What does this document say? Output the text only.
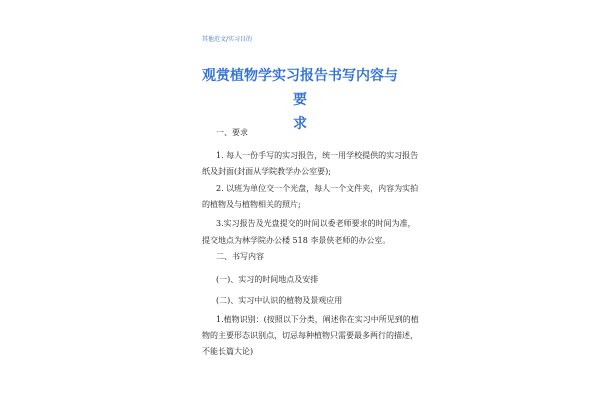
其他范文/实习目的
观赏植物学实习报告书写内容与要
求
一、要求
1. 每人一份手写的实习报告，统一用学校提供的实习报告
纸及封面(封面从学院教学办公室要);
2. 以班为单位交一个光盘，每人一个文件夹，内容为实拍
的植物及与植物相关的照片;
3.实习报告及光盘提交的时间以委老师要求的时间为准，
提交地点为林学院办公楼 518 李景侠老师的办公室。
二、书写内容
(一)、实习的时间地点及安排
(二)、实习中认识的植物及景观应用
1.植物识别：(按照以下分类，阐述你在实习中所见到的植
物的主要形态识别点，切忌每种植物只需要最多两行的描述，
不能长篇大论)
